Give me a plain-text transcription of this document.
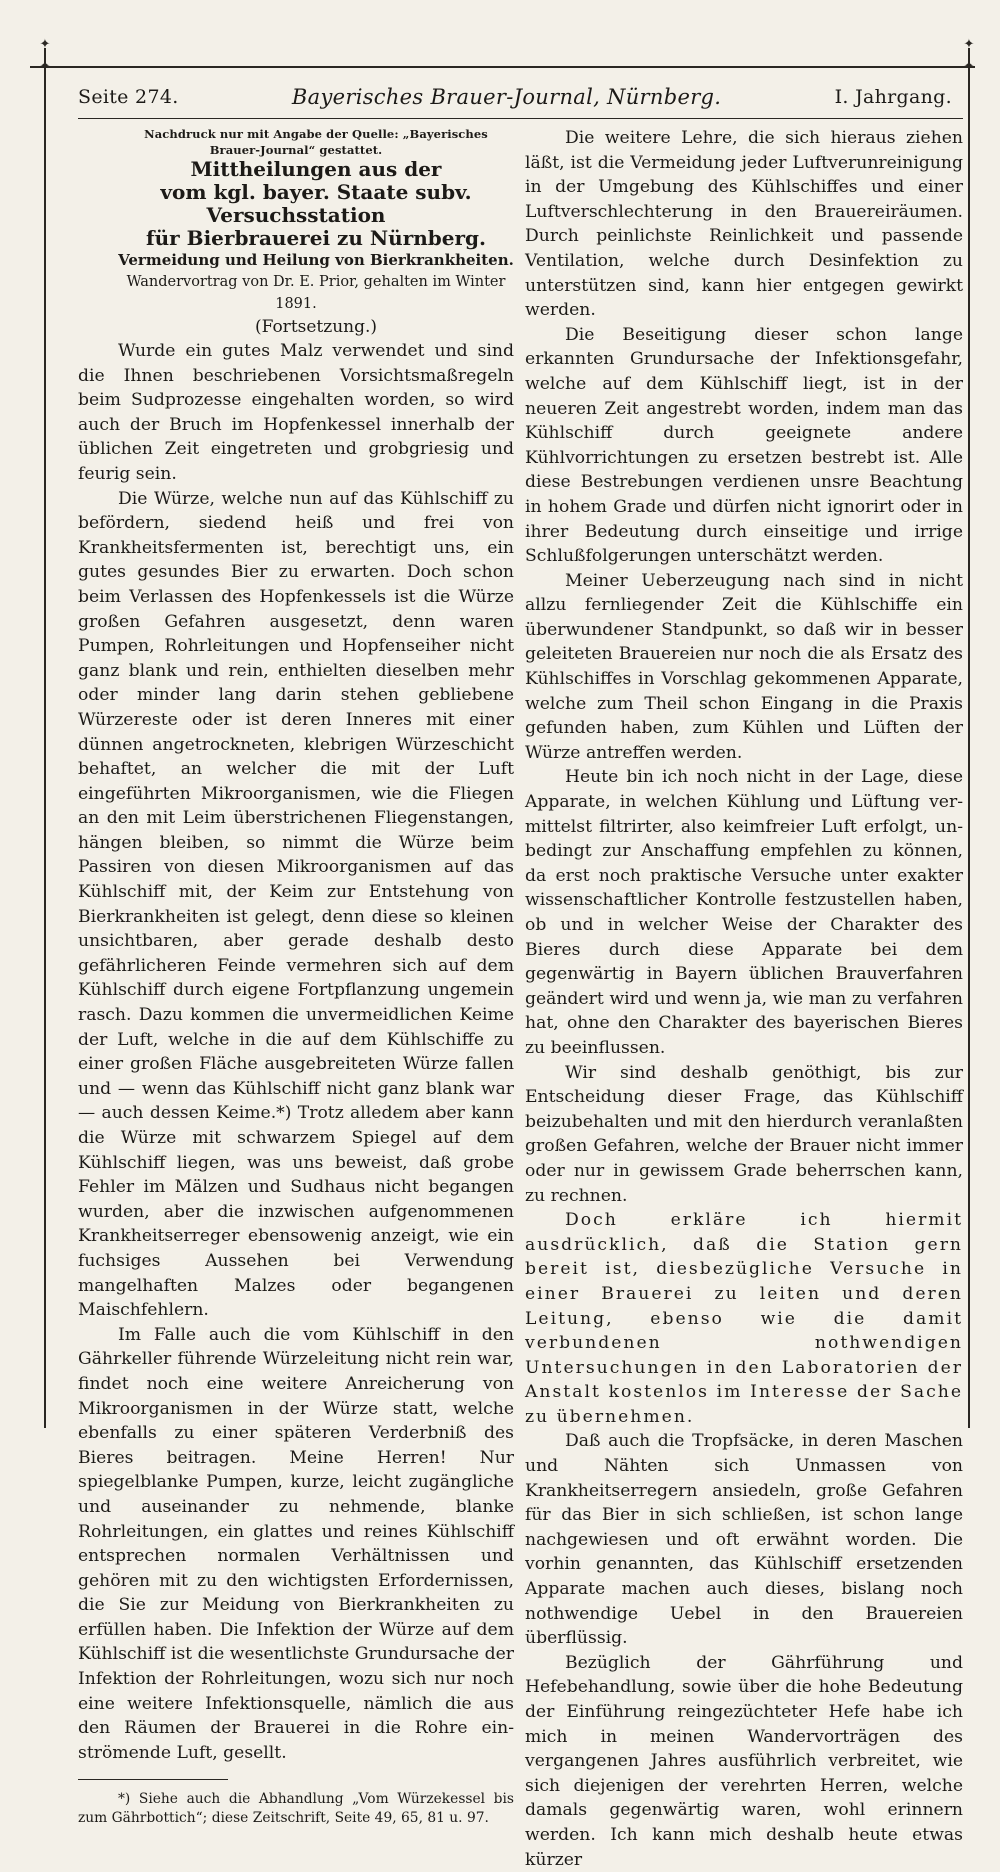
✦	✦
✦	✦
Seite 274.	Bayerisches Brauer-Journal, Nürnberg.	I. Jahrgang.

Nachdruck nur mit Angabe der Quelle: „Bayerisches Brauer-Journal“ gestattet.

Mittheilungen aus der

vom kgl. bayer. Staate subv. Versuchsstation

für Bierbrauerei zu Nürnberg.

Vermeidung und Heilung von Bierkrankheiten.

Wandervortrag von Dr. E. Prior, gehalten im Winter 1891.

(Fortsetzung.)

Wurde ein gutes Malz verwendet und sind die Ihnen beschriebenen Vorsichtsmaßregeln beim Sudprozesse eingehalten worden, so wird auch der Bruch im Hopfenkessel innerhalb der üblichen Zeit eingetreten und grobgriesig und feurig sein.

Die Würze, welche nun auf das Kühlschiff zu befördern, siedend heiß und frei von Krankheitsfermenten ist, berechtigt uns, ein gutes gesundes Bier zu erwarten. Doch schon beim Verlassen des Hopfenkessels ist die Würze großen Gefahren ausgesetzt, denn waren Pumpen, Rohrleitungen und Hopfenseiher nicht ganz blank und rein, enthielten dieselben mehr oder minder lang darin stehen gebliebene Würzereste oder ist deren Inneres mit einer dünnen angetrockneten, klebrigen Würzeschicht behaftet, an welcher die mit der Luft eingeführten Mikroorganismen, wie die Fliegen an den mit Leim überstrichenen Fliegenstangen, hängen bleiben, so nimmt die Würze beim Passiren von diesen Mikroorganismen auf das Kühlschiff mit, der Keim zur Entstehung von Bierkrankheiten ist gelegt, denn diese so kleinen unsichtbaren, aber gerade deshalb desto gefährlicheren Feinde vermehren sich auf dem Kühlschiff durch eigene Fortpflanzung ungemein rasch. Dazu kommen die unvermeidlichen Keime der Luft, welche in die auf dem Kühlschiffe zu einer großen Fläche ausgebreiteten Würze fallen und — wenn das Kühlschiff nicht ganz blank war — auch dessen Keime.*) Trotz alledem aber kann die Würze mit schwarzem Spiegel auf dem Kühlschiff liegen, was uns beweist, daß grobe Fehler im Mälzen und Sudhaus nicht begangen wurden, aber die inzwischen aufgenommenen Krankheitserreger ebensowenig anzeigt, wie ein fuchsiges Aussehen bei Verwendung mangelhaften Malzes oder begangenen Maischfehlern.

Im Falle auch die vom Kühlschiff in den Gährkeller führende Würzeleitung nicht rein war, findet noch eine weitere Anreicherung von Mikroorganismen in der Würze statt, welche ebenfalls zu einer späteren Verderbniß des Bieres beitragen. Meine Herren! Nur spiegelblanke Pumpen, kurze, leicht zugängliche und auseinander zu nehmende, blanke Rohrleitungen, ein glattes und reines Kühlschiff entsprechen normalen Verhältnissen und gehören mit zu den wichtigsten Erfordernissen, die Sie zur Meidung von Bierkrankheiten zu erfüllen haben. Die Infektion der Würze auf dem Kühlschiff ist die wesentlichste Grundursache der Infektion der Rohrleitungen, wozu sich nur noch eine weitere Infektionsquelle, nämlich die aus den Räumen der Brauerei in die Rohre einströmende Luft, gesellt.

*) Siehe auch die Abhandlung „Vom Würzekessel bis zum Gährbottich“; diese Zeitschrift, Seite 49, 65, 81 u. 97.

Die weitere Lehre, die sich hieraus ziehen läßt, ist die Vermeidung jeder Luftverunreinigung in der Umgebung des Kühlschiffes und einer Luftverschlechterung in den Brauereiräumen. Durch peinlichste Reinlichkeit und passende Ventilation, welche durch Desinfektion zu unterstützen sind, kann hier entgegen gewirkt werden.

Die Beseitigung dieser schon lange erkannten Grundursache der Infektionsgefahr, welche auf dem Kühlschiff liegt, ist in der neueren Zeit angestrebt worden, indem man das Kühlschiff durch geeignete andere Kühlvorrichtungen zu ersetzen bestrebt ist. Alle diese Bestrebungen verdienen unsre Beachtung in hohem Grade und dürfen nicht ignorirt oder in ihrer Bedeutung durch einseitige und irrige Schlußfolgerungen unterschätzt werden.

Meiner Ueberzeugung nach sind in nicht allzu fernliegender Zeit die Kühlschiffe ein überwundener Standpunkt, so daß wir in besser geleiteten Brauereien nur noch die als Ersatz des Kühlschiffes in Vorschlag gekommenen Apparate, welche zum Theil schon Eingang in die Praxis gefunden haben, zum Kühlen und Lüften der Würze antreffen werden.

Heute bin ich noch nicht in der Lage, diese Apparate, in welchen Kühlung und Lüftung vermittelst filtrirter, also keimfreier Luft erfolgt, unbedingt zur Anschaffung empfehlen zu können, da erst noch praktische Versuche unter exakter wissenschaftlicher Kontrolle festzustellen haben, ob und in welcher Weise der Charakter des Bieres durch diese Apparate bei dem gegenwärtig in Bayern üblichen Brauverfahren geändert wird und wenn ja, wie man zu verfahren hat, ohne den Charakter des bayerischen Bieres zu beeinflussen.

Wir sind deshalb genöthigt, bis zur Entscheidung dieser Frage, das Kühlschiff beizubehalten und mit den hierdurch veranlaßten großen Gefahren, welche der Brauer nicht immer oder nur in gewissem Grade beherrschen kann, zu rechnen.

Doch erkläre ich hiermit ausdrücklich, daß die Station gern bereit ist, diesbezügliche Versuche in einer Brauerei zu leiten und deren Leitung, ebenso wie die damit verbundenen nothwendigen Untersuchungen in den Laboratorien der Anstalt kostenlos im Interesse der Sache zu übernehmen.

Daß auch die Tropfsäcke, in deren Maschen und Nähten sich Unmassen von Krankheitserregern ansiedeln, große Gefahren für das Bier in sich schließen, ist schon lange nachgewiesen und oft erwähnt worden. Die vorhin genannten, das Kühlschiff ersetzenden Apparate machen auch dieses, bislang noch nothwendige Uebel in den Brauereien überflüssig.

Bezüglich der Gährführung und Hefebehandlung, sowie über die hohe Bedeutung der Einführung reingezüchteter Hefe habe ich mich in meinen Wandervorträgen des vergangenen Jahres ausführlich verbreitet, wie sich diejenigen der verehrten Herren, welche damals gegenwärtig waren, wohl erinnern werden. Ich kann mich deshalb heute etwas kürzer
